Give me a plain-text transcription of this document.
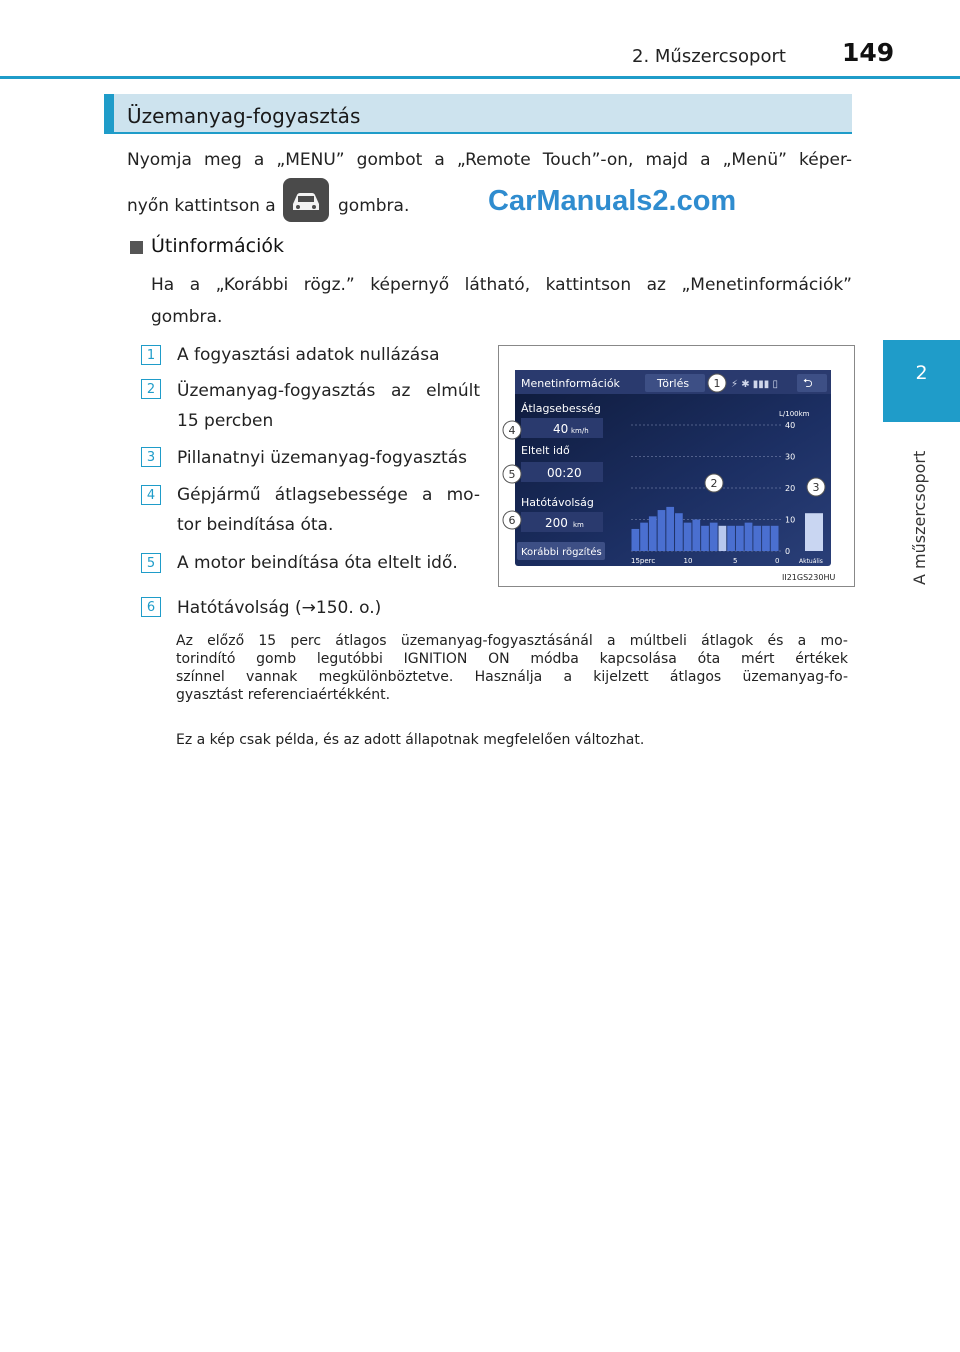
2. Műszercsoport 149
2
A műszercsoport
Üzemanyag-fogyasztás
Nyomja meg a „MENU” gombot a „Remote Touch”-on, majd a „Menü” képer-
nyőn kattintson a	gombra.	CarManuals2.com
Útinformációk
Ha a „Korábbi rögz.” képernyő látható, kattintson az „Menetinformációk”
gombra.
1	A fogyasztási adatok nullázása
2	Üzemanyag-fogyasztás az elmúlt
15 percben
3	Pillanatnyi üzemanyag-fogyasztás
4	Gépjármű átlagsebessége a mo-
tor beindítása óta.
5	A motor beindítása óta eltelt idő.
6	Hatótávolság (→150. o.)
Menetinformációk	Törlés	⚡ ✱ ▮▮▮ ▯ ⮌
Átlagsebesség
40 km/h
Eltelt idő
00:20
Hatótávolság
200 km
Korábbi rögzítés
L/100km
40
30
20
10
0
15perc	10	5	0	Aktuális
II21GS230HU
1
2	3
4
5
6
Az előző 15 perc átlagos üzemanyag-fogyasztásánál a múltbeli átlagok és a mo-
torindító gomb legutóbbi IGNITION ON módba kapcsolása óta mért értékek
színnel vannak megkülönböztetve. Használja a kijelzett átlagos üzemanyag-fo-
gyasztást referenciaértékként.
Ez a kép csak példa, és az adott állapotnak megfelelően változhat.
